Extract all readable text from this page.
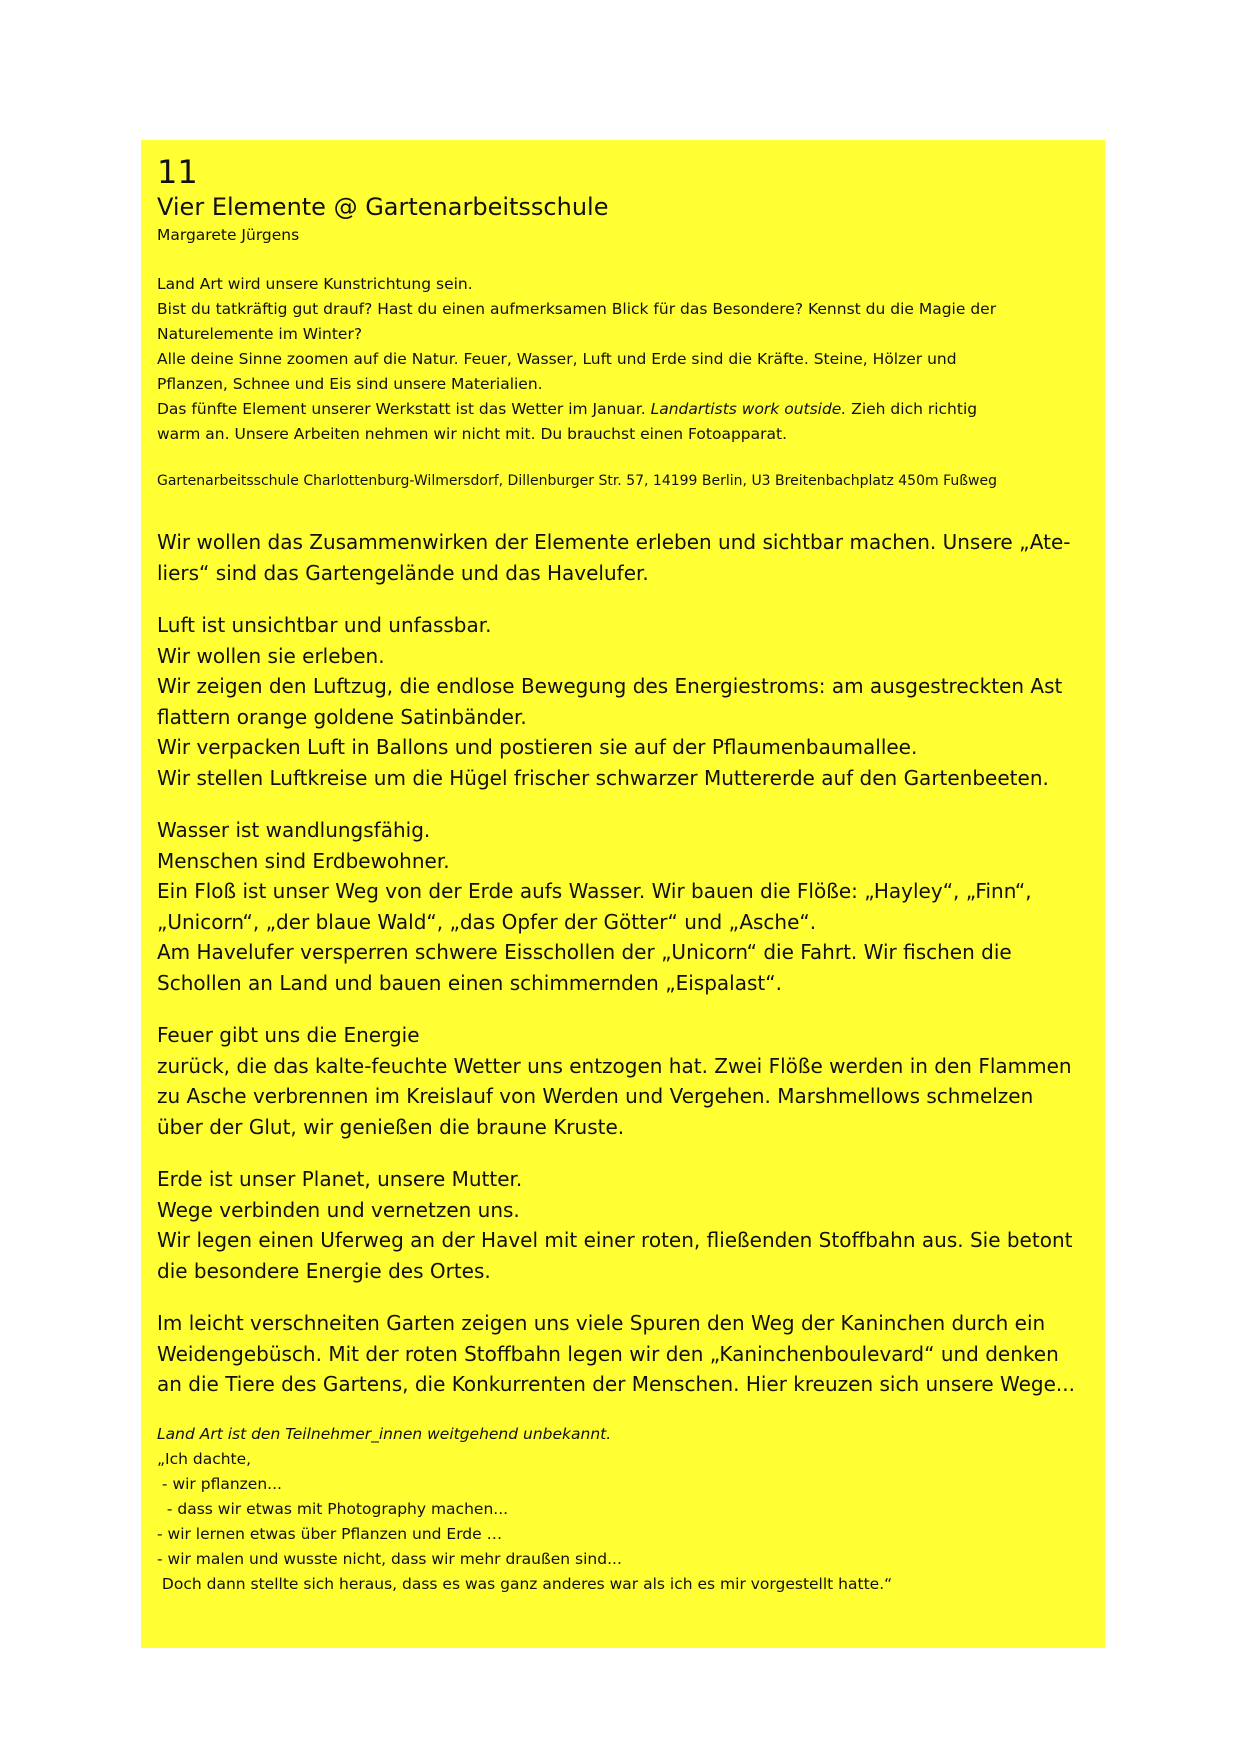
11
Vier Elemente @ Gartenarbeitsschule
Margarete Jürgens
Land Art wird unsere Kunstrichtung sein.
Bist du tatkräftig gut drauf? Hast du einen aufmerksamen Blick für das Besondere? Kennst du die Magie der
Naturelemente im Winter?
Alle deine Sinne zoomen auf die Natur. Feuer, Wasser, Luft und Erde sind die Kräfte. Steine, Hölzer und
Pflanzen, Schnee und Eis sind unsere Materialien.
Das fünfte Element unserer Werkstatt ist das Wetter im Januar. Landartists work outside. Zieh dich richtig
warm an. Unsere Arbeiten nehmen wir nicht mit. Du brauchst einen Fotoapparat.
Gartenarbeitsschule Charlottenburg-Wilmersdorf, Dillenburger Str. 57, 14199 Berlin, U3 Breitenbachplatz 450m Fußweg
Wir wollen das Zusammenwirken der Elemente erleben und sichtbar machen. Unsere „Ate-
liers“ sind das Gartengelände und das Havelufer.
Luft ist unsichtbar und unfassbar.
Wir wollen sie erleben.
Wir zeigen den Luftzug, die endlose Bewegung des Energiestroms: am ausgestreckten Ast
flattern orange goldene Satinbänder.
Wir verpacken Luft in Ballons und postieren sie auf der Pflaumenbaumallee.
Wir stellen Luftkreise um die Hügel frischer schwarzer Muttererde auf den Gartenbeeten.
Wasser ist wandlungsfähig.
Menschen sind Erdbewohner.
Ein Floß ist unser Weg von der Erde aufs Wasser. Wir bauen die Flöße: „Hayley“, „Finn“,
„Unicorn“, „der blaue Wald“, „das Opfer der Götter“ und „Asche“.
Am Havelufer versperren schwere Eisschollen der „Unicorn“ die Fahrt. Wir fischen die
Schollen an Land und bauen einen schimmernden „Eispalast“.
Feuer gibt uns die Energie
zurück, die das kalte-feuchte Wetter uns entzogen hat. Zwei Flöße werden in den Flammen
zu Asche verbrennen im Kreislauf von Werden und Vergehen. Marshmellows schmelzen
über der Glut, wir genießen die braune Kruste.
Erde ist unser Planet, unsere Mutter.
Wege verbinden und vernetzen uns.
Wir legen einen Uferweg an der Havel mit einer roten, fließenden Stoffbahn aus. Sie betont
die besondere Energie des Ortes.
Im leicht verschneiten Garten zeigen uns viele Spuren den Weg der Kaninchen durch ein
Weidengebüsch. Mit der roten Stoffbahn legen wir den „Kaninchenboulevard“ und denken
an die Tiere des Gartens, die Konkurrenten der Menschen. Hier kreuzen sich unsere Wege...
Land Art ist den Teilnehmer_innen weitgehend unbekannt.
„Ich dachte,
- wir pflanzen...
- dass wir etwas mit Photography machen...
- wir lernen etwas über Pflanzen und Erde …
- wir malen und wusste nicht, dass wir mehr draußen sind...
Doch dann stellte sich heraus, dass es was ganz anderes war als ich es mir vorgestellt hatte.“
